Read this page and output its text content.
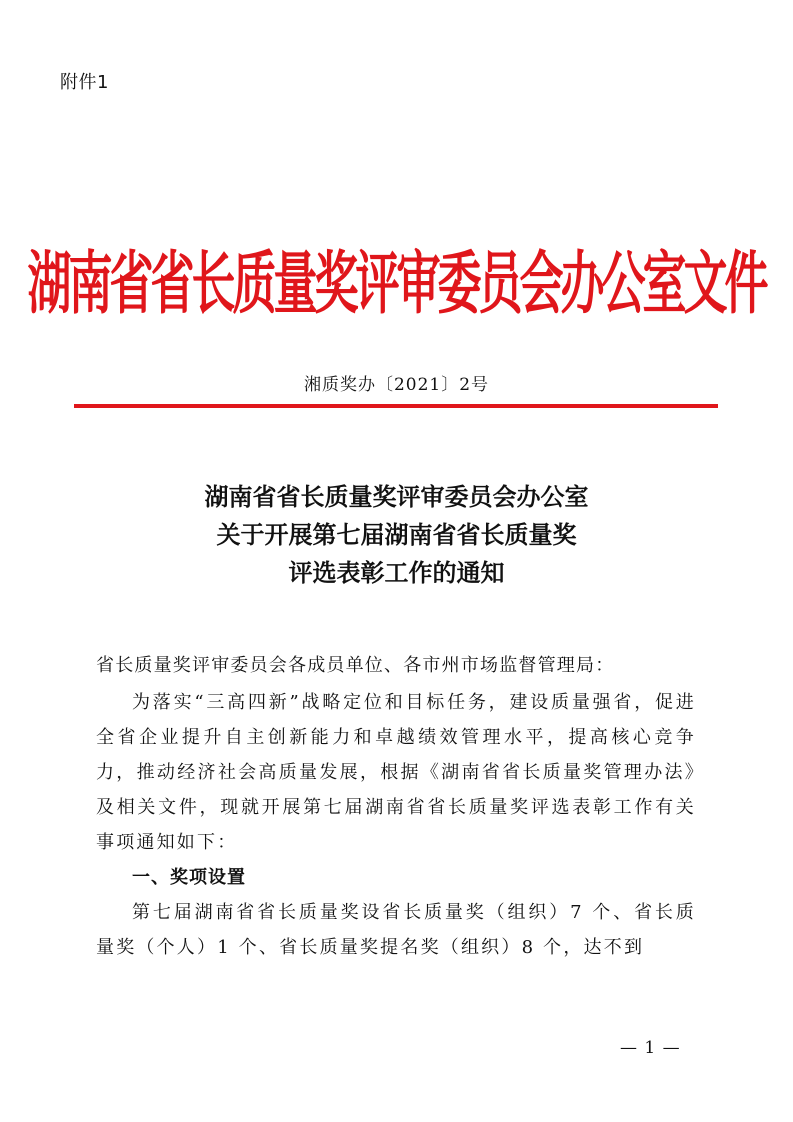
附件1
湖南省省长质量奖评审委员会办公室文件
湘质奖办〔2021〕2号
湖南省省长质量奖评审委员会办公室
关于开展第七届湖南省省长质量奖
评选表彰工作的通知

省长质量奖评审委员会各成员单位、各市州市场监督管理局：

为落实“三高四新”战略定位和目标任务，建设质量强省，促进全省企业提升自主创新能力和卓越绩效管理水平，提高核心竞争力，推动经济社会高质量发展，根据《湖南省省长质量奖管理办法》及相关文件，现就开展第七届湖南省省长质量奖评选表彰工作有关事项通知如下：

一、奖项设置

第七届湖南省省长质量奖设省长质量奖（组织）7 个、省长质量奖（个人）1 个、省长质量奖提名奖（组织）8 个，达不到

— 1 —
